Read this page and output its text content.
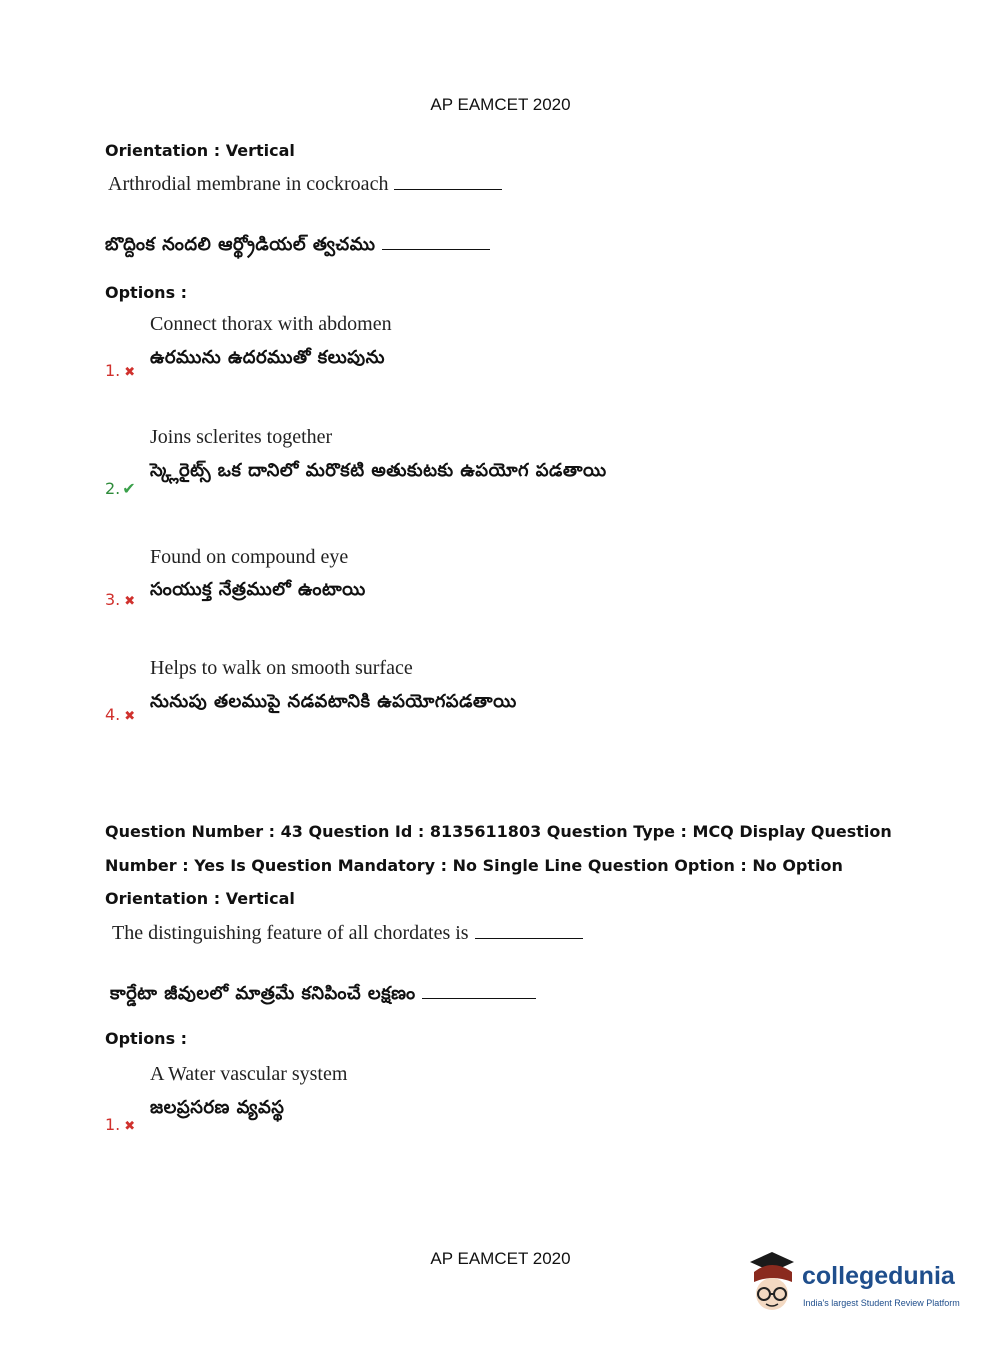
AP EAMCET 2020
Orientation : Vertical
Arthrodial membrane in cockroach
బొద్దింక నందలి ఆర్థ్రోడియల్ త్వచము
Options :
Connect thorax with abdomen
ఉరమును ఉదరముతో కలుపును
1. ✖
Joins sclerites together
స్క్లెరైట్స్ ఒక దానిలో మరొకటి అతుకుటకు ఉపయోగ పడతాయి
2. ✔
Found on compound eye
సంయుక్త నేత్రములో ఉంటాయి
3. ✖
Helps to walk on smooth surface
నునుపు తలముపై నడవటానికి ఉపయోగపడతాయి
4. ✖
Question Number : 43 Question Id : 8135611803 Question Type : MCQ Display Question
Number : Yes Is Question Mandatory : No Single Line Question Option : No Option
Orientation : Vertical
The distinguishing feature of all chordates is
కార్డేటా జీవులలో మాత్రమే కనిపించే లక్షణం
Options :
A Water vascular system
జలప్రసరణ వ్యవస్థ
1. ✖
AP EAMCET 2020
collegedunia
India's largest Student Review Platform
